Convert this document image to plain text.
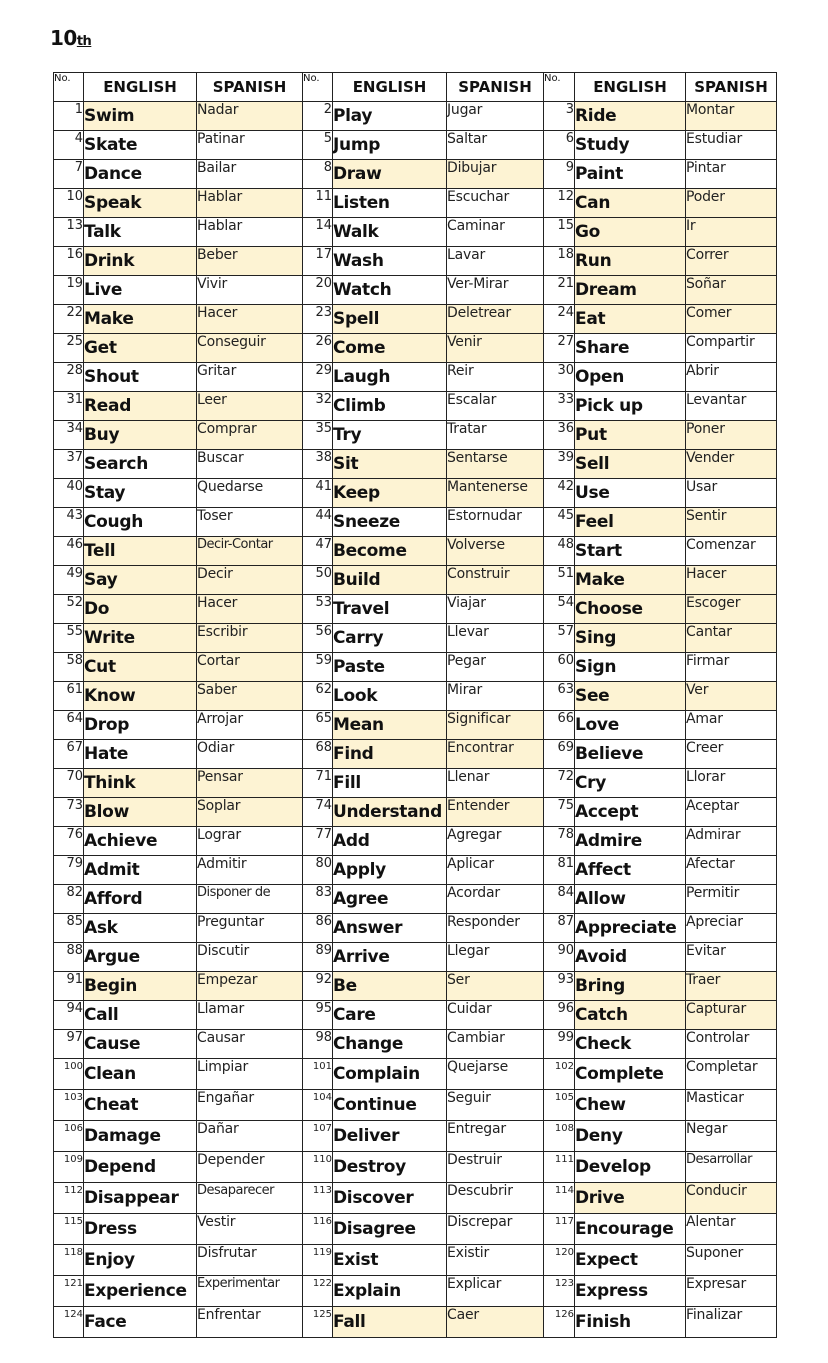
10th
No.	ENGLISH	SPANISH	No.	ENGLISH	SPANISH	No.	ENGLISH	SPANISH
1	Swim	Nadar	2	Play	Jugar	3	Ride	Montar
4	Skate	Patinar	5	Jump	Saltar	6	Study	Estudiar
7	Dance	Bailar	8	Draw	Dibujar	9	Paint	Pintar
10	Speak	Hablar	11	Listen	Escuchar	12	Can	Poder
13	Talk	Hablar	14	Walk	Caminar	15	Go	Ir
16	Drink	Beber	17	Wash	Lavar	18	Run	Correr
19	Live	Vivir	20	Watch	Ver-Mirar	21	Dream	Soñar
22	Make	Hacer	23	Spell	Deletrear	24	Eat	Comer
25	Get	Conseguir	26	Come	Venir	27	Share	Compartir
28	Shout	Gritar	29	Laugh	Reir	30	Open	Abrir
31	Read	Leer	32	Climb	Escalar	33	Pick up	Levantar
34	Buy	Comprar	35	Try	Tratar	36	Put	Poner
37	Search	Buscar	38	Sit	Sentarse	39	Sell	Vender
40	Stay	Quedarse	41	Keep	Mantenerse	42	Use	Usar
43	Cough	Toser	44	Sneeze	Estornudar	45	Feel	Sentir
46	Tell	Decir-Contar	47	Become	Volverse	48	Start	Comenzar
49	Say	Decir	50	Build	Construir	51	Make	Hacer
52	Do	Hacer	53	Travel	Viajar	54	Choose	Escoger
55	Write	Escribir	56	Carry	Llevar	57	Sing	Cantar
58	Cut	Cortar	59	Paste	Pegar	60	Sign	Firmar
61	Know	Saber	62	Look	Mirar	63	See	Ver
64	Drop	Arrojar	65	Mean	Significar	66	Love	Amar
67	Hate	Odiar	68	Find	Encontrar	69	Believe	Creer
70	Think	Pensar	71	Fill	Llenar	72	Cry	Llorar
73	Blow	Soplar	74	Understand	Entender	75	Accept	Aceptar
76	Achieve	Lograr	77	Add	Agregar	78	Admire	Admirar
79	Admit	Admitir	80	Apply	Aplicar	81	Affect	Afectar
82	Afford	Disponer de	83	Agree	Acordar	84	Allow	Permitir
85	Ask	Preguntar	86	Answer	Responder	87	Appreciate	Apreciar
88	Argue	Discutir	89	Arrive	Llegar	90	Avoid	Evitar
91	Begin	Empezar	92	Be	Ser	93	Bring	Traer
94	Call	Llamar	95	Care	Cuidar	96	Catch	Capturar
97	Cause	Causar	98	Change	Cambiar	99	Check	Controlar
100	Clean	Limpiar	101	Complain	Quejarse	102	Complete	Completar
103	Cheat	Engañar	104	Continue	Seguir	105	Chew	Masticar
106	Damage	Dañar	107	Deliver	Entregar	108	Deny	Negar
109	Depend	Depender	110	Destroy	Destruir	111	Develop	Desarrollar
112	Disappear	Desaparecer	113	Discover	Descubrir	114	Drive	Conducir
115	Dress	Vestir	116	Disagree	Discrepar	117	Encourage	Alentar
118	Enjoy	Disfrutar	119	Exist	Existir	120	Expect	Suponer
121	Experience	Experimentar	122	Explain	Explicar	123	Express	Expresar
124	Face	Enfrentar	125	Fall	Caer	126	Finish	Finalizar
